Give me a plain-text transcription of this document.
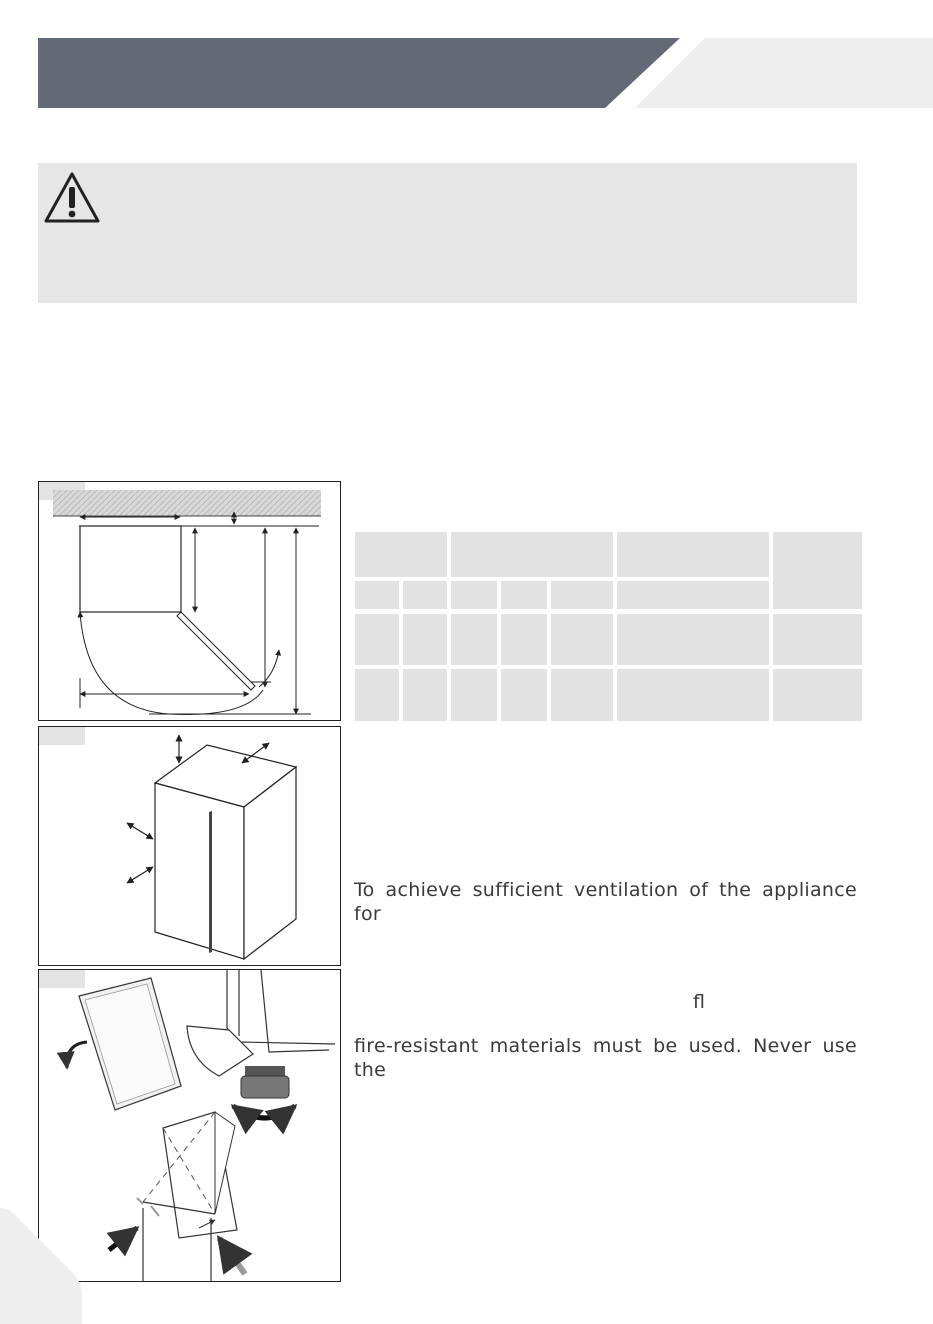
To achieve sufficient ventilation of the appliance for
ﬂ
ﬁre-resistant materials must be used. Never use the
